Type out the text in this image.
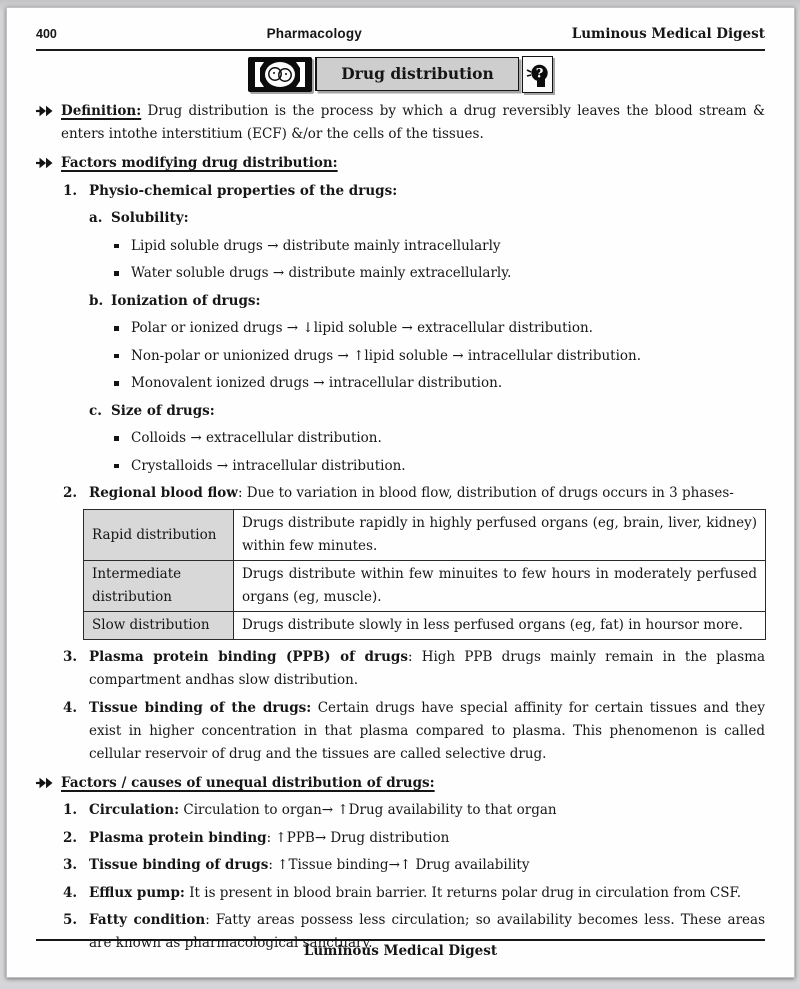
400	Pharmacology	Luminous Medical Digest
Drug distribution	?
Definition: Drug distribution is the process by which a drug reversibly leaves the blood stream & enters intothe interstitium (ECF) &/or the cells of the tissues.
Factors modifying drug distribution:
1. Physio-chemical properties of the drugs:
a. Solubility:
Lipid soluble drugs → distribute mainly intracellularly
Water soluble drugs → distribute mainly extracellularly.
b. Ionization of drugs:
Polar or ionized drugs → ↓lipid soluble → extracellular distribution.
Non-polar or unionized drugs → ↑lipid soluble → intracellular distribution.
Monovalent ionized drugs → intracellular distribution.
c. Size of drugs:
Colloids → extracellular distribution.
Crystalloids → intracellular distribution.
2. Regional blood flow: Due to variation in blood flow, distribution of drugs occurs in 3 phases-
Rapid distribution	Drugs distribute rapidly in highly perfused organs (eg, brain, liver, kidney) within few minutes.
Intermediate distribution	Drugs distribute within few minuites to few hours in moderately perfused organs (eg, muscle).
Slow distribution	Drugs distribute slowly in less perfused organs (eg, fat) in hoursor more.
3. Plasma protein binding (PPB) of drugs: High PPB drugs mainly remain in the plasma compartment andhas slow distribution.
4. Tissue binding of the drugs: Certain drugs have special affinity for certain tissues and they exist in higher concentration in that plasma compared to plasma. This phenomenon is called cellular reservoir of drug and the tissues are called selective drug.
Factors / causes of unequal distribution of drugs:
1. Circulation: Circulation to organ→ ↑Drug availability to that organ
2. Plasma protein binding: ↑PPB→ Drug distribution
3. Tissue binding of drugs: ↑Tissue binding→↑ Drug availability
4. Efflux pump: It is present in blood brain barrier. It returns polar drug in circulation from CSF.
5. Fatty condition: Fatty areas possess less circulation; so availability becomes less. These areas are known as pharmacological sanctuary.
Luminous Medical Digest
